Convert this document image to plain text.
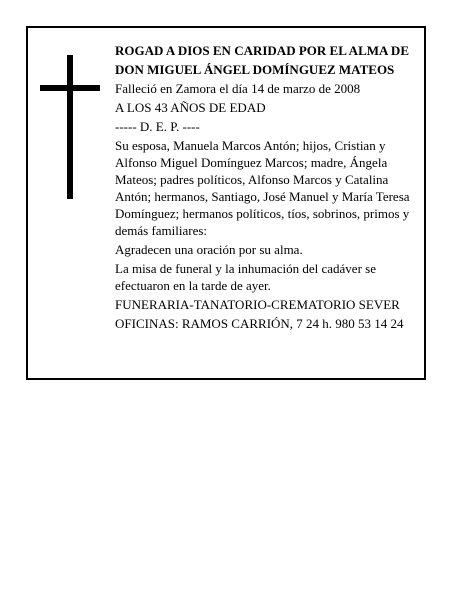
ROGAD A DIOS EN CARIDAD POR EL ALMA DE

DON MIGUEL ÁNGEL DOMÍNGUEZ MATEOS

Falleció en Zamora el día 14 de marzo de 2008

A LOS 43 AÑOS DE EDAD

----- D. E. P. ----

Su esposa, Manuela Marcos Antón; hijos, Cristian y Alfonso Miguel Domínguez Marcos; madre, Ángela Mateos; padres políticos, Alfonso Marcos y Catalina Antón; hermanos, Santiago, José Manuel y María Teresa Domínguez; hermanos políticos, tíos, sobrinos, primos y demás familiares:

Agradecen una oración por su alma.

La misa de funeral y la inhumación del cadáver se efectuaron en la tarde de ayer.

FUNERARIA-TANATORIO-CREMATORIO SEVER

OFICINAS: RAMOS CARRIÓN, 7 24 h. 980 53 14 24
